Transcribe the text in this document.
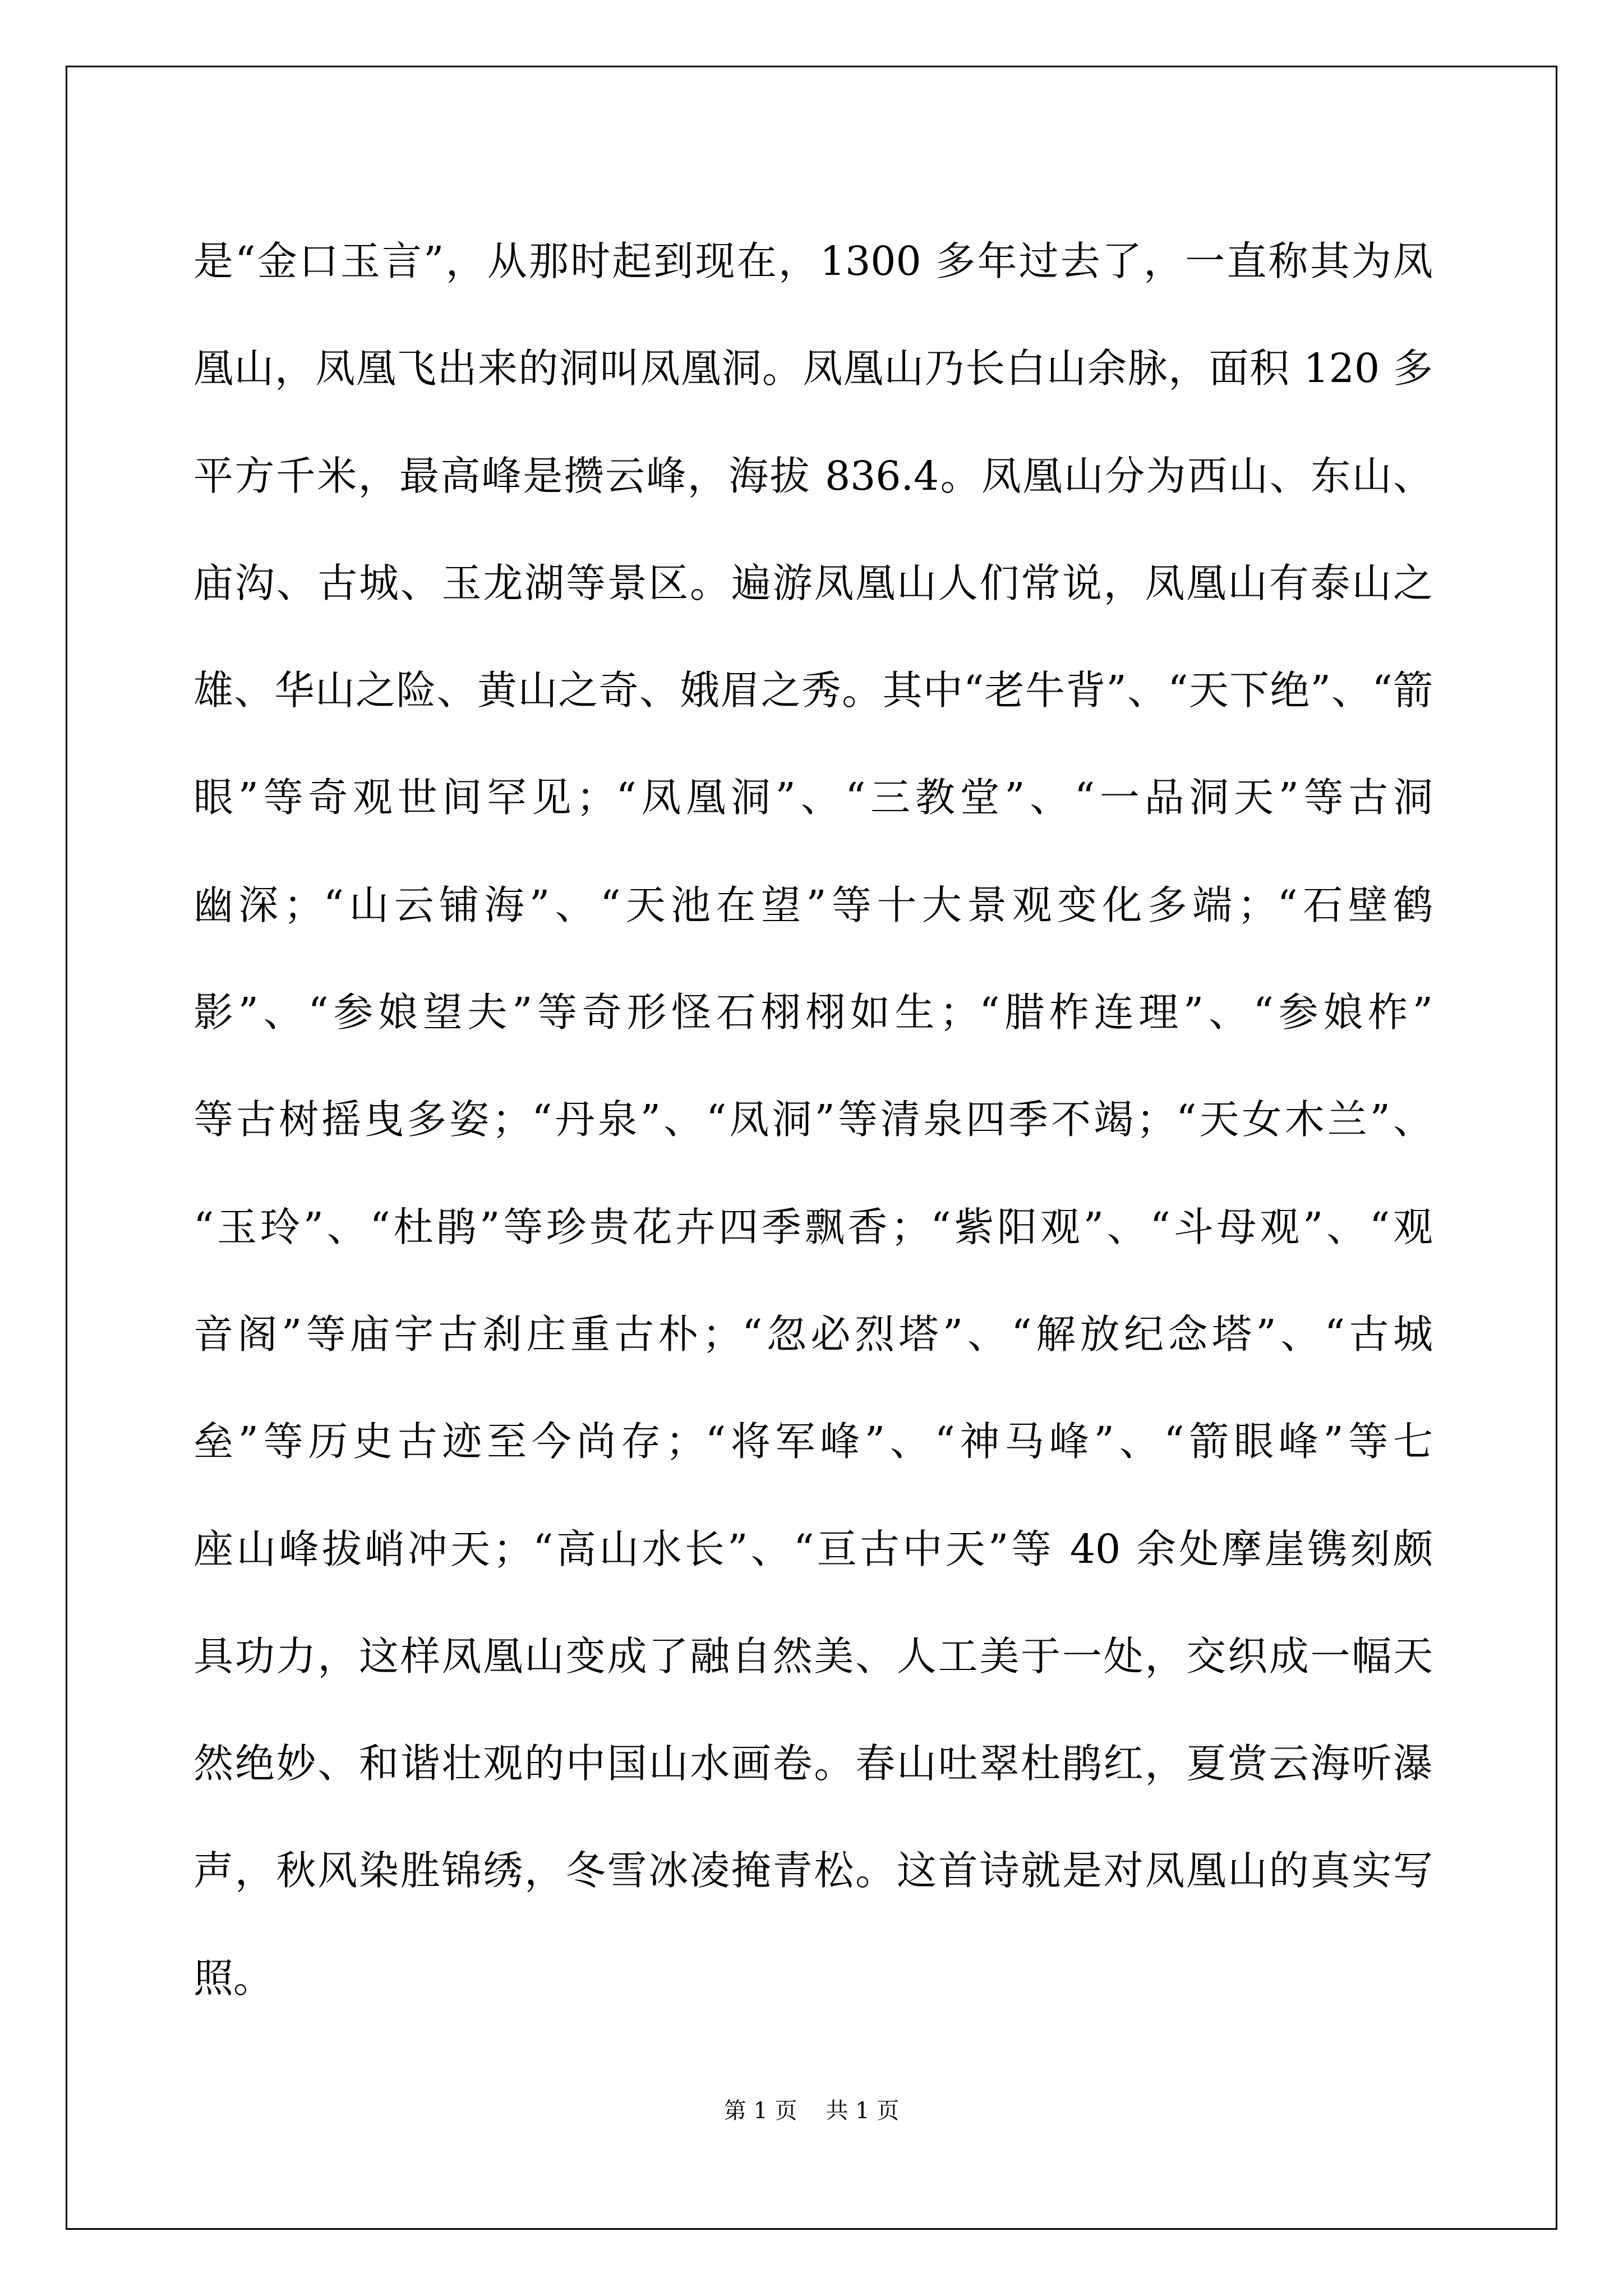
是“金口玉言”，从那时起到现在，1300 多年过去了，一直称其为凤
凰山，凤凰飞出来的洞叫凤凰洞。凤凰山乃长白山余脉，面积 120 多
平方千米，最高峰是攒云峰，海拔 836.4。凤凰山分为西山、东山、
庙沟、古城、玉龙湖等景区。遍游凤凰山人们常说，凤凰山有泰山之
雄、华山之险、黄山之奇、娥眉之秀。其中“老牛背”、“天下绝”、“箭
眼”等奇观世间罕见；“凤凰洞”、“三教堂”、“一品洞天”等古洞
幽深；“山云铺海”、“天池在望”等十大景观变化多端；“石壁鹤
影”、“参娘望夫”等奇形怪石栩栩如生；“腊柞连理”、“参娘柞”
等古树摇曳多姿；“丹泉”、“凤洞”等清泉四季不竭；“天女木兰”、
“玉玲”、“杜鹃”等珍贵花卉四季飘香；“紫阳观”、“斗母观”、“观
音阁”等庙宇古刹庄重古朴；“忽必烈塔”、“解放纪念塔”、“古城
垒”等历史古迹至今尚存；“将军峰”、“神马峰”、“箭眼峰”等七
座山峰拔峭冲天；“高山水长”、“亘古中天”等 40 余处摩崖镌刻颇
具功力，这样凤凰山变成了融自然美、人工美于一处，交织成一幅天
然绝妙、和谐壮观的中国山水画卷。春山吐翠杜鹃红，夏赏云海听瀑
声，秋风染胜锦绣，冬雪冰凌掩青松。这首诗就是对凤凰山的真实写
照。
第 1 页    共 1 页
